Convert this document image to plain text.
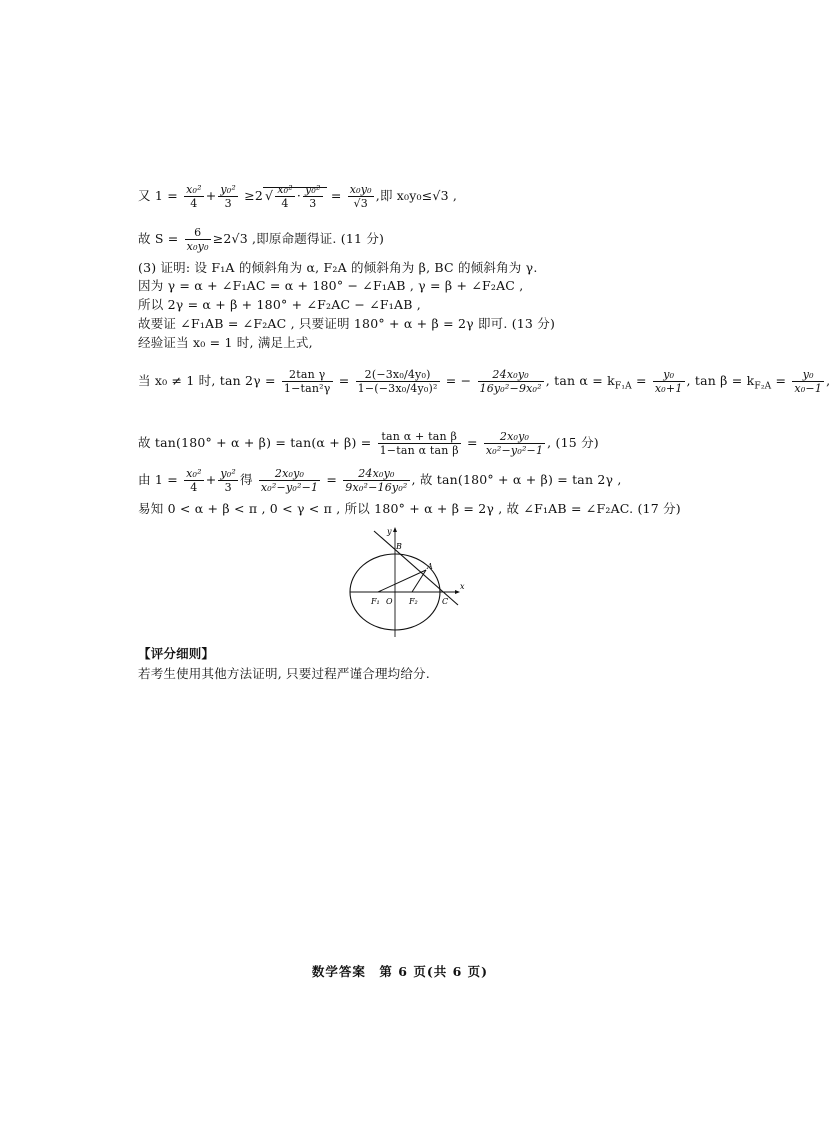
又 $1 = \frac{\text{x₀²}}{4} + \frac{\text{y₀²}}{3} \ge 2$ √ $\frac{\text{x₀²}}{4} \cdot \frac{\text{y₀²}}{3} = \frac{\text{x₀y₀}}{√3}$ ,即 x₀y₀≤√3 ,
故 $S = \frac{6}{\text{x₀y₀}} \ge 2√3$ ,即原命题得证. (11 分)
(3) 证明: 设 F₁A 的倾斜角为 α, F₂A 的倾斜角为 β, BC 的倾斜角为 γ.
因为 γ = α + ∠F₁AC = α + 180° − ∠F₁AB , γ = β + ∠F₂AC ,
所以 2γ = α + β + 180° + ∠F₂AC − ∠F₁AB ,
故要证 ∠F₁AB = ∠F₂AC , 只要证明 180° + α + β = 2γ 即可. (13 分)
经验证当 x₀ = 1 时, 满足上式,
当 x₀ ≠ 1 时, $\tan 2\gamma = \frac{\text{2tan γ}}{\text{1−tan²γ}} = \frac{\text{2(−3x₀/4y₀)}}{\text{1−(−3x₀/4y₀)²}}$ = − $\frac{\text{24x₀y₀}}{\text{16y₀²−9x₀²}}$ , $\tan \alpha = k_{F_1A} = \frac{\text{y₀}}{\text{x₀+1}}$ , $\tan \beta = k_{F_2A} = \frac{\text{y₀}}{\text{x₀−1}}$ ,
故 $\tan(180^\circ + \alpha + \beta) = \tan(\alpha + \beta) = \frac{\text{tan α + tan β}}{\text{1−tan α tan β}} = \frac{\text{2x₀y₀}}{\text{x₀²−y₀²−1}}$ , (15 分)
由 $1 = \frac{\text{x₀²}}{4} + \frac{\text{y₀²}}{3}$ 得 $\frac{\text{2x₀y₀}}{\text{x₀²−y₀²−1}} = \frac{\text{24x₀y₀}}{\text{9x₀²−16y₀²}}$ , 故 tan(180° + α + β) = tan 2γ ,
易知 0 < α + β < π , 0 < γ < π , 所以 180° + α + β = 2γ , 故 ∠F₁AB = ∠F₂AC. (17 分)
y
x
B
A
F₁ O F₂	C
【评分细则】
若考生使用其他方法证明, 只要过程严谨合理均给分.
数学答案　第 6 页(共 6 页)
